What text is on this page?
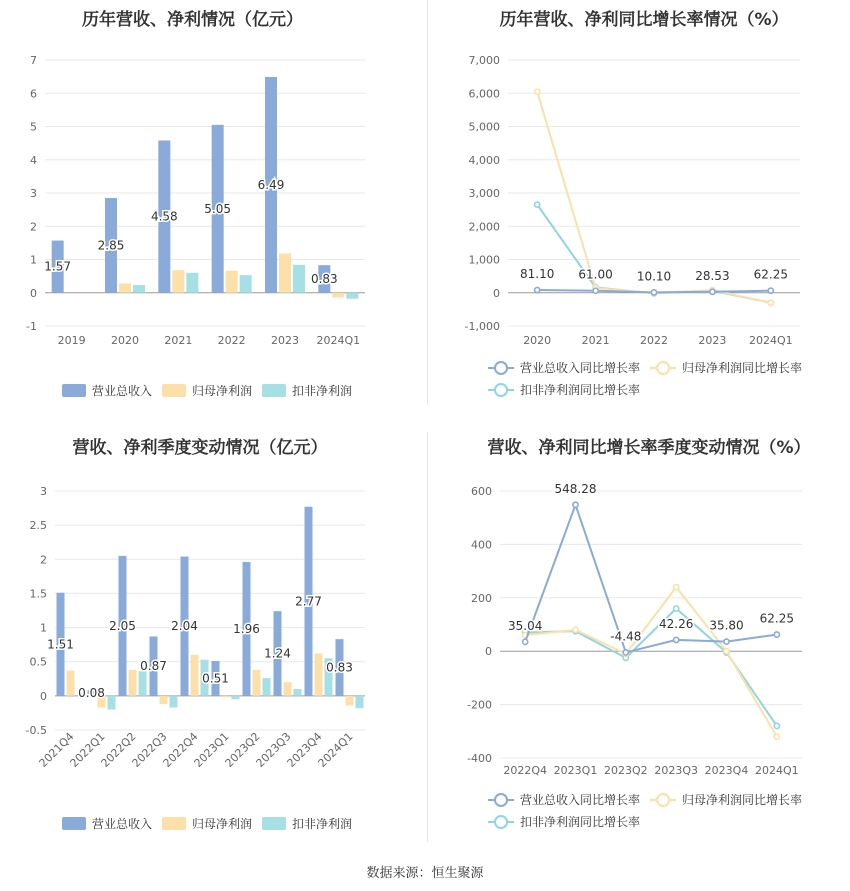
历年营收、净利情况（亿元）
-1
0
1
2
3
4
5
6
7
2019 2020 2021 2022 2023 2024Q1
1.57
2.85
4.58
5.05
6.49
0.83
营业总收入	归母净利润	扣非净利润
历年营收、净利同比增长率情况（%）
-1,000
0
1,000
2,000
3,000
4,000
5,000
6,000
7,000
2020	2021	2022	2023 2024Q1
81.10 61.00 10.10 28.53 62.25
营业总收入同比增长率	归母净利润同比增长率
扣非净利润同比增长率
营收、净利季度变动情况（亿元）
-0.5
0
0.5
1
1.5
2
2.5
3
2021Q4
2022Q1
2022Q2
2022Q3
2022Q4
2023Q1
2023Q2
2023Q3
2023Q4
2024Q1
1.51
0.08
2.05
0.87
2.04
0.51
1.96
1.24
2.77
0.83
营业总收入	归母净利润	扣非净利润
营收、净利同比增长率季度变动情况（%）
-400
-200
0
200
400
600
2022Q4 2023Q1 2023Q2 2023Q3 2023Q4 2024Q1
35.04
548.28
-4.48
42.26 35.80
62.25
营业总收入同比增长率	归母净利润同比增长率
扣非净利润同比增长率
数据来源：恒生聚源
